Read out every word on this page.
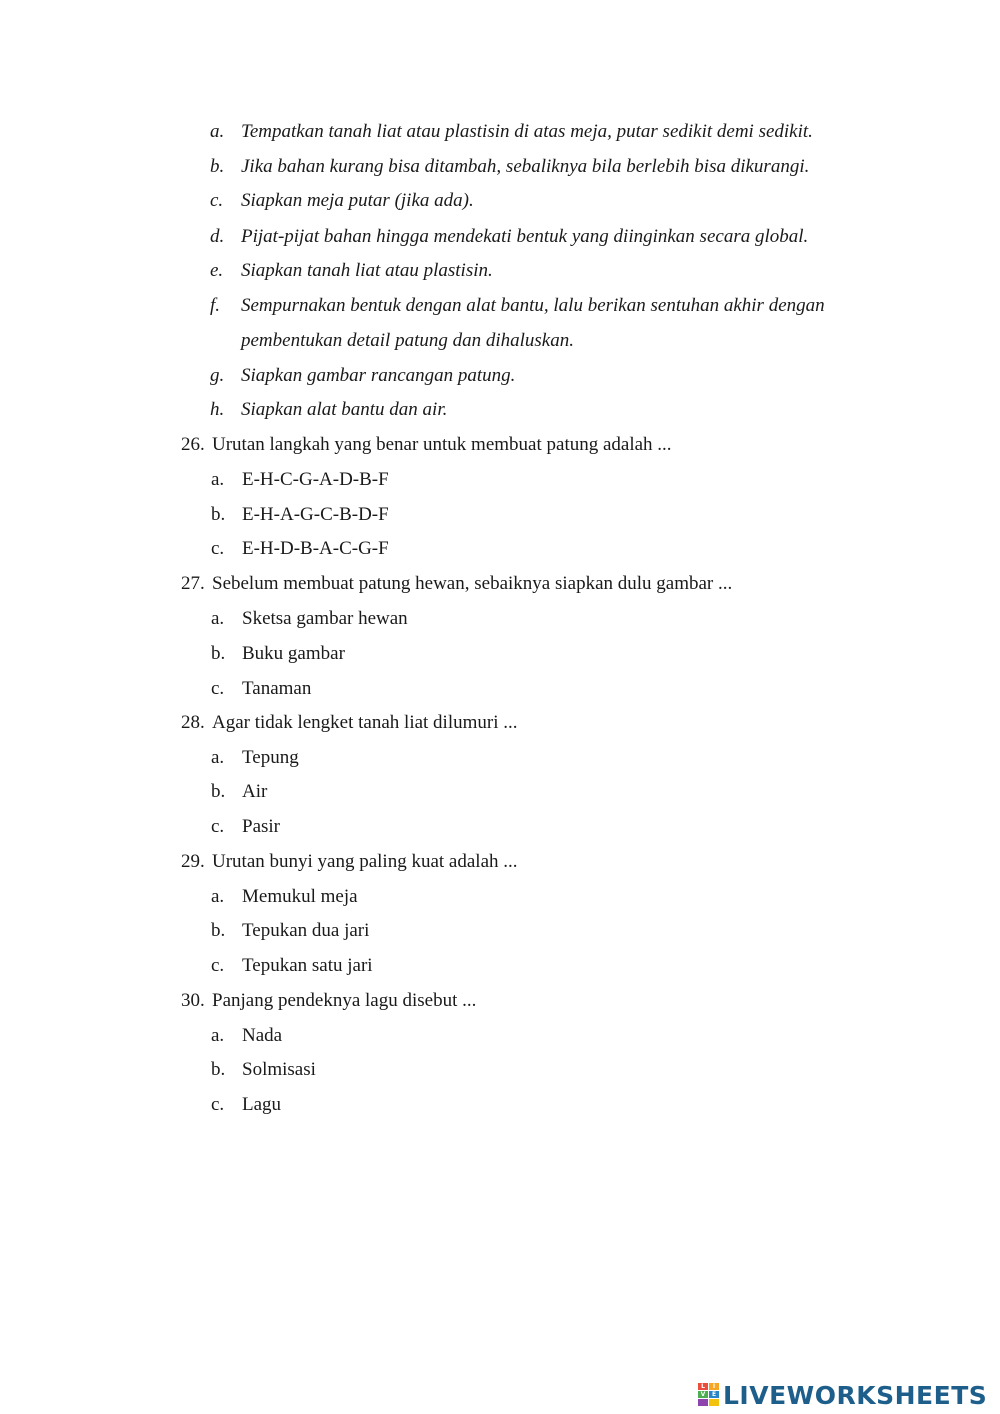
a. Tempatkan tanah liat atau plastisin di atas meja, putar sedikit demi sedikit.
b. Jika bahan kurang bisa ditambah, sebaliknya bila berlebih bisa dikurangi.
c. Siapkan meja putar (jika ada).
d. Pijat-pijat bahan hingga mendekati bentuk yang diinginkan secara global.
e. Siapkan tanah liat atau plastisin.
f.	Sempurnakan bentuk dengan alat bantu, lalu berikan sentuhan akhir dengan
pembentukan detail patung dan dihaluskan.
g. Siapkan gambar rancangan patung.
h. Siapkan alat bantu dan air.
26. Urutan langkah yang benar untuk membuat patung adalah ...
a. E-H-C-G-A-D-B-F
b. E-H-A-G-C-B-D-F
c. E-H-D-B-A-C-G-F
27. Sebelum membuat patung hewan, sebaiknya siapkan dulu gambar ...
a. Sketsa gambar hewan
b. Buku gambar
c. Tanaman
28. Agar tidak lengket tanah liat dilumuri ...
a. Tepung
b. Air
c. Pasir
29. Urutan bunyi yang paling kuat adalah ...
a. Memukul meja
b. Tepukan dua jari
c. Tepukan satu jari
30. Panjang pendeknya lagu disebut ...
a. Nada
b. Solmisasi
c. Lagu
L	I
V	E LIVEWORKSHEETS
